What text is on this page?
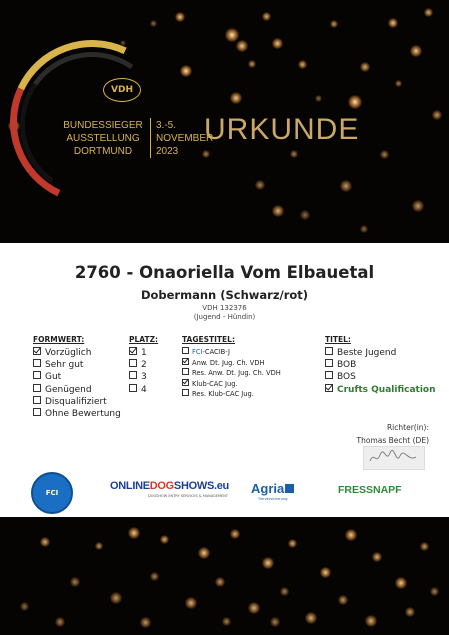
VDH
BUNDESSIEGER
AUSSTELLUNG
DORTMUND
3.-5.
NOVEMBER
2023
URKUNDE
2760 - Onaoriella Vom Elbauetal
Dobermann (Schwarz/rot)
VDH 132376
(Jugend - Hündin)
FORMWERT:
Vorzüglich
Sehr gut
Gut
Genügend
Disqualifiziert
Ohne Bewertung
PLATZ:
1
2
3
4
TAGESTITEL:
FCI-CACIB-J
Anw. Dt. Jug. Ch. VDH
Res. Anw. Dt. Jug. Ch. VDH
Klub-CAC Jug.
Res. Klub-CAC Jug.
TITEL:
Beste Jugend
BOB
BOS
Crufts Qualification
Richter(in):
Thomas Becht (DE)
FCI
ONLINEDOGSHOWS.eu
DOGSHOW ENTRY SERVICES & MANAGEMENT Agria
Tierversicherung
FRESSNAPF
